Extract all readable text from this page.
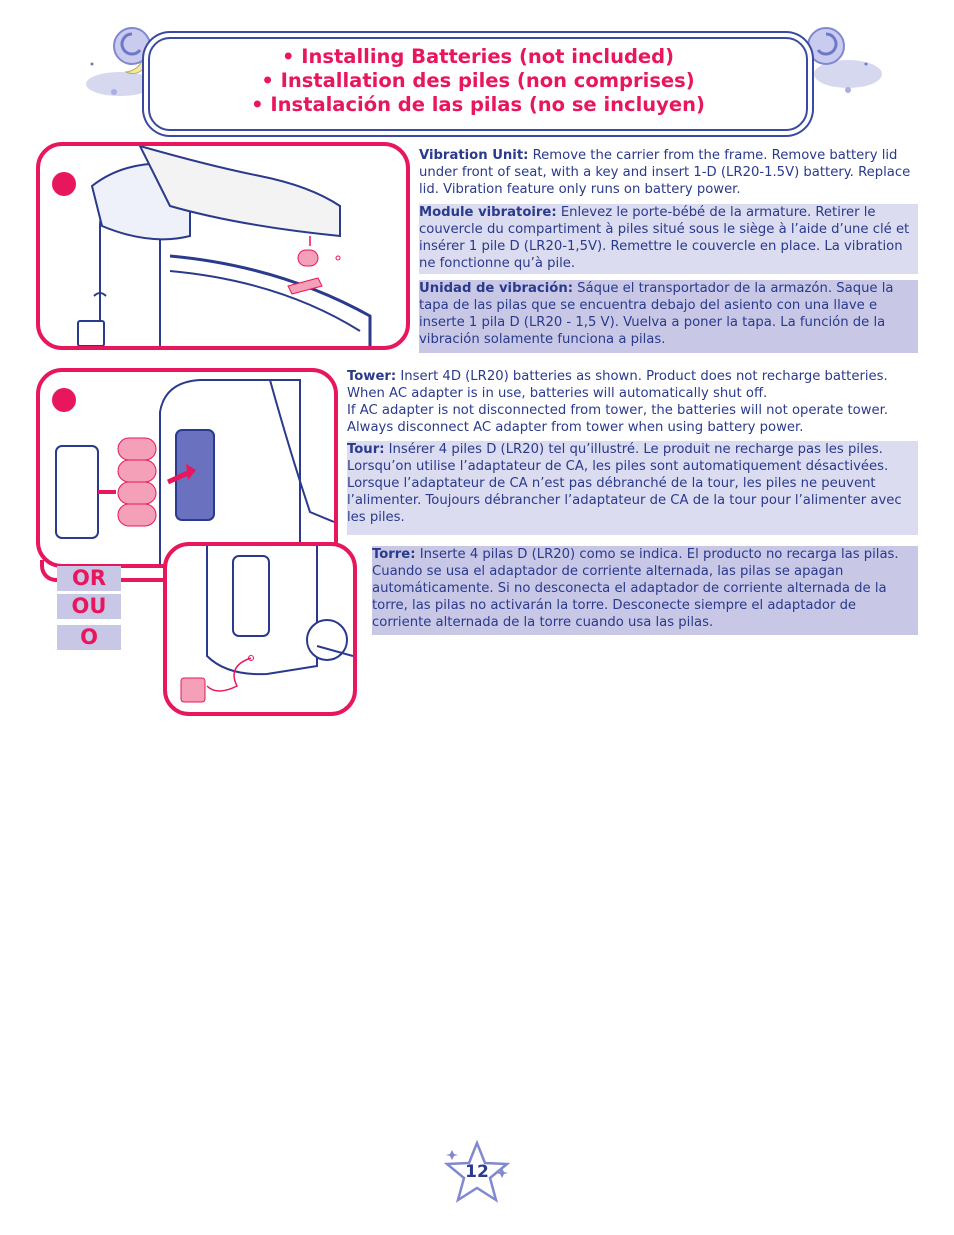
• Installing Batteries (not included)
• Installation des piles (non comprises)
• Instalación de las pilas (no se incluyen)
Vibration Unit: Remove the carrier from the frame. Remove battery lid under front of seat, with a key and insert 1-D (LR20-1.5V) battery. Replace lid. Vibration feature only runs on battery power.
Module vibratoire: Enlevez le porte-bébé de la armature. Retirer le couvercle du compartiment à piles situé sous le siège à l’aide d’une clé et insérer 1 pile D (LR20-1,5V). Remettre le couvercle en place. La vibration ne fonctionne qu’à pile.
Unidad de vibración: Sáque el transportador de la armazón. Saque la tapa de las pilas que se encuentra debajo del asiento con una llave e inserte 1 pila D (LR20 - 1,5 V). Vuelva a poner la tapa. La función de la vibración solamente funciona a pilas.
OR
OU
O
Tower: Insert 4D (LR20) batteries as shown. Product does not recharge batteries. When AC adapter is in use, batteries will automatically shut off.
If AC adapter is not disconnected from tower, the batteries will not operate tower. Always disconnect AC adapter from tower when using battery power.
Tour: Insérer 4 piles D (LR20) tel qu’illustré. Le produit ne recharge pas les piles. Lorsqu’on utilise l’adaptateur de CA, les piles sont automatiquement désactivées. Lorsque l’adaptateur de CA n’est pas débranché de la tour, les piles ne peuvent l’alimenter. Toujours débrancher l’adaptateur de CA de la tour pour l’alimenter avec les piles.
Torre: Inserte 4 pilas D (LR20) como se indica. El producto no recarga las pilas. Cuando se usa el adaptador de corriente alternada, las pilas se apagan automáticamente. Si no desconecta el adaptador de corriente alternada de la torre, las pilas no activarán la torre. Desconecte siempre el adaptador de corriente alternada de la torre cuando usa las pilas.
12
